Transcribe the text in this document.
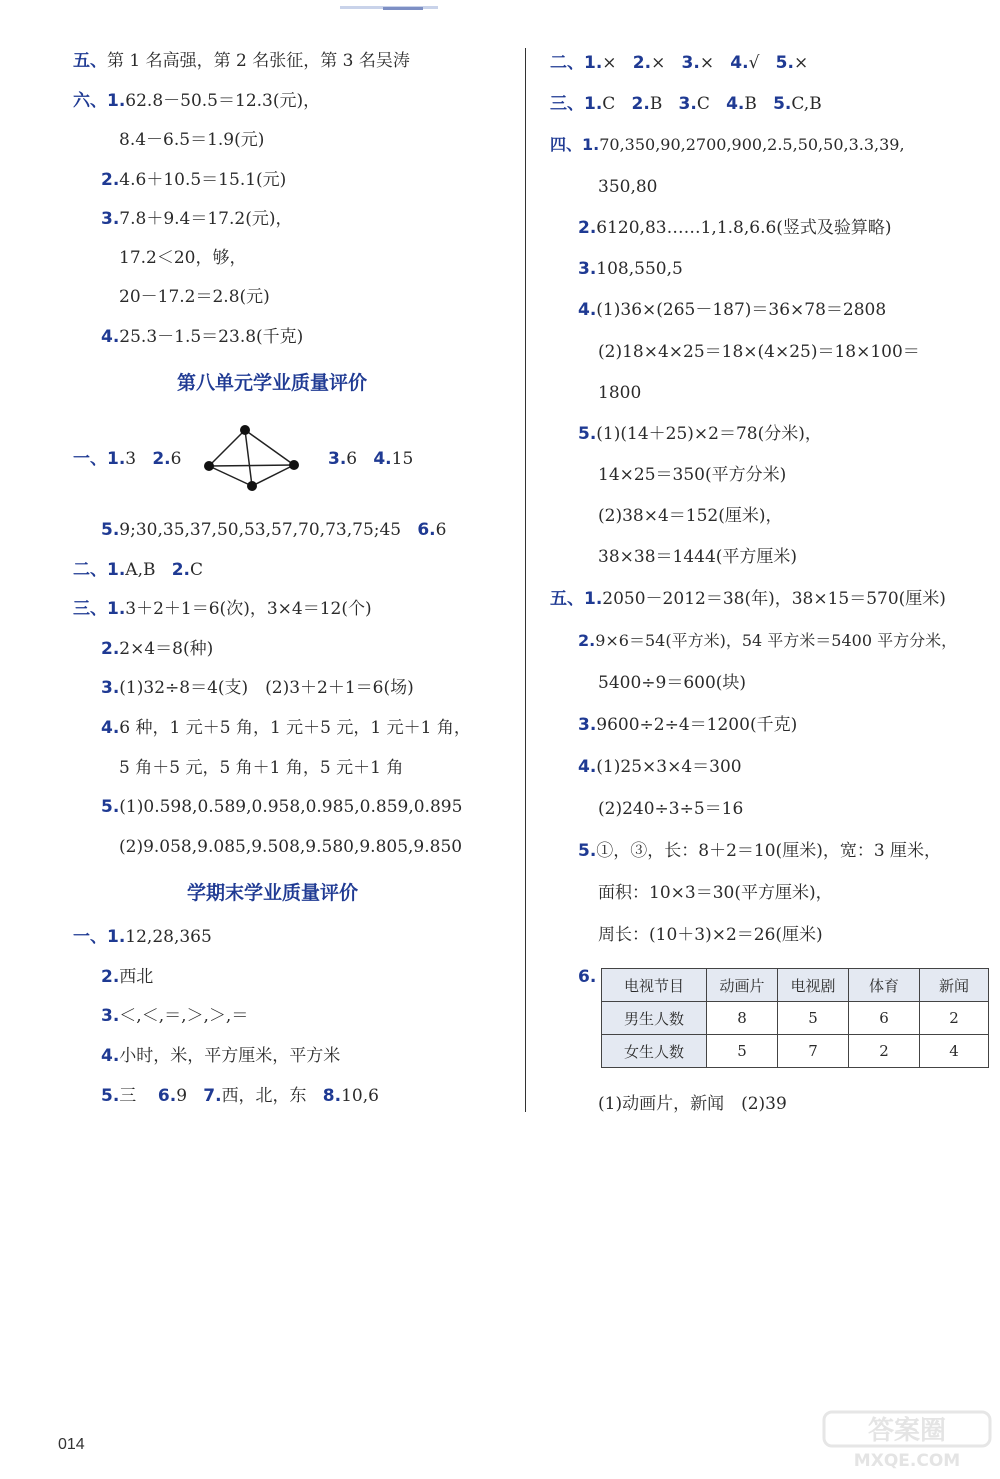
五、第 1 名高强，第 2 名张征，第 3 名吴涛
六、1.62.8－50.5＝12.3(元)，
8.4－6.5＝1.9(元)
2.4.6＋10.5＝15.1(元)
3.7.8＋9.4＝17.2(元)，
17.2＜20，够，
20－17.2＝2.8(元)
4.25.3－1.5＝23.8(千克)
第八单元学业质量评价
一、1.3 2.6	3.6 4.15
5.9;30,35,37,50,53,57,70,73,75;45 6.6
二、1.A,B 2.C
三、1.3＋2＋1＝6(次)，3×4＝12(个)
2.2×4＝8(种)
3.(1)32÷8＝4(支)　(2)3＋2＋1＝6(场)
4.6 种，1 元＋5 角，1 元＋5 元，1 元＋1 角，
5 角＋5 元，5 角＋1 角，5 元＋1 角
5.(1)0.598,0.589,0.958,0.985,0.859,0.895
(2)9.058,9.085,9.508,9.580,9.805,9.850
学期末学业质量评价
一、1.12,28,365
2.西北
3.＜,＜,＝,＞,＞,＝
4.小时，米，平方厘米，平方米
5.三 6.9 7.西，北，东 8.10,6
二、1.× 2.× 3.× 4.√ 5.×
三、1.C 2.B 3.C 4.B 5.C,B
四、1.70,350,90,2700,900,2.5,50,50,3.3,39,
350,80
2.6120,83……1,1.8,6.6(竖式及验算略)
3.108,550,5
4.(1)36×(265－187)＝36×78＝2808
(2)18×4×25＝18×(4×25)＝18×100＝
1800
5.(1)(14＋25)×2＝78(分米)，
14×25＝350(平方分米)
(2)38×4＝152(厘米)，
38×38＝1444(平方厘米)
五、1.2050－2012＝38(年)，38×15＝570(厘米)
2.9×6＝54(平方米)，54 平方米＝5400 平方分米，
5400÷9＝600(块)
3.9600÷2÷4＝1200(千克)
4.(1)25×3×4＝300
(2)240÷3÷5＝16
5.①，③，长：8＋2＝10(厘米)，宽：3 厘米，
面积：10×3＝30(平方厘米)，
周长：(10＋3)×2＝26(厘米)
6. 电视节目	动画片	电视剧	体育	新闻
男生人数	8	5	6	2
女生人数	5	7	2	4
(1)动画片，新闻　(2)39
014	答案圈
MXQE.COM
